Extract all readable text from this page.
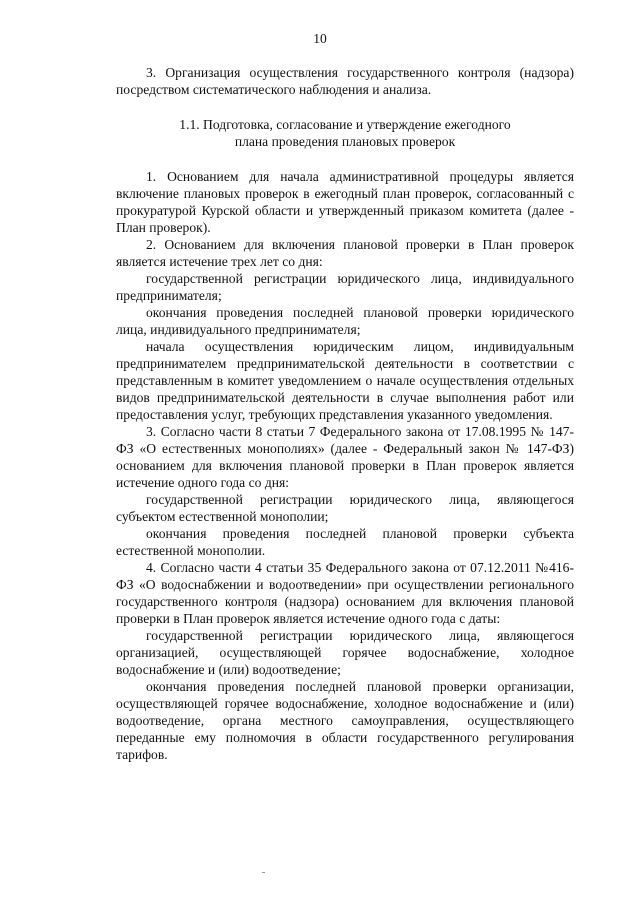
10

3. Организация осуществления государственного контроля (надзора) посредством систематического наблюдения и анализа.

1.1. Подготовка, согласование и утверждение ежегодного
плана проведения плановых проверок

1. Основанием для начала административной процедуры является включение плановых проверок в ежегодный план проверок, согласованный с прокуратурой Курской области и утвержденный приказом комитета (далее - План проверок).

2. Основанием для включения плановой проверки в План проверок является истечение трех лет со дня:

государственной регистрации юридического лица, индивидуального предпринимателя;

окончания проведения последней плановой проверки юридического лица, индивидуального предпринимателя;

начала осуществления юридическим лицом, индивидуальным предпринимателем предпринимательской деятельности в соответствии с представленным в комитет уведомлением о начале осуществления отдельных видов предпринимательской деятельности в случае выполнения работ или предоставления услуг, требующих представления указанного уведомления.

3. Согласно части 8 статьи 7 Федерального закона от 17.08.1995 № 147-ФЗ «О естественных монополиях» (далее - Федеральный закон № 147-ФЗ) основанием для включения плановой проверки в План проверок является истечение одного года со дня:

государственной регистрации юридического лица, являющегося субъектом естественной монополии;

окончания проведения последней плановой проверки субъекта естественной монополии.

4. Согласно части 4 статьи 35 Федерального закона от 07.12.2011 №416-ФЗ «О водоснабжении и водоотведении» при осуществлении регионального государственного контроля (надзора) основанием для включения плановой проверки в План проверок является истечение одного года с даты:

государственной регистрации юридического лица, являющегося организацией, осуществляющей горячее водоснабжение, холодное водоснабжение и (или) водоотведение;

окончания проведения последней плановой проверки организации, осуществляющей горячее водоснабжение, холодное водоснабжение и (или) водоотведение, органа местного самоуправления, осуществляющего переданные ему полномочия в области государственного регулирования тарифов.
